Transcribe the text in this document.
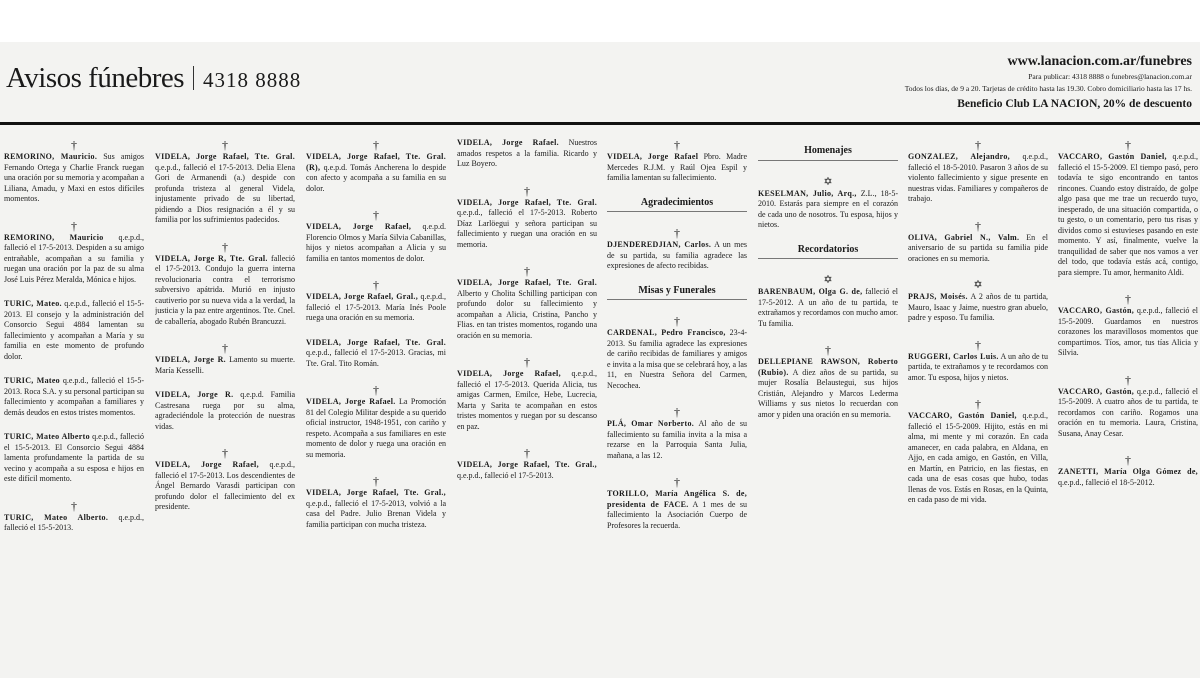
Avisos fúnebres 4318 8888
www.lanacion.com.ar/funebres
Para publicar: 4318 8888 o funebres@lanacion.com.ar
Todos los días, de 9 a 20. Tarjetas de crédito hasta las 19.30. Cobro domiciliario hasta las 17 hs.
Beneficio Club LA NACION, 20% de descuento
†
REMORINO, Mauricio. Sus amigos Fernando Ortega y Charlie Franck ruegan una oración por su memoria y acompañan a Liliana, Amadu, y Maxi en estos difíciles momentos.
†
REMORINO, Mauricio q.e.p.d., falleció el 17-5-2013. Despiden a su amigo entrañable, acompañan a su familia y ruegan una oración por la paz de su alma José Luis Pérez Meralda, Mónica e hijos.
TURIC, Mateo. q.e.p.d., falleció el 15-5-2013. El consejo y la administración del Consorcio Segui 4884 lamentan su fallecimiento y acompañan a María y su familia en este momento de profundo dolor.
TURIC, Mateo q.e.p.d., falleció el 15-5-2013. Roca S.A. y su personal participan su fallecimiento y acompañan a familiares y demás deudos en estos tristes momentos.
TURIC, Mateo Alberto q.e.p.d., falleció el 15-5-2013. El Consorcio Segui 4884 lamenta profundamente la partida de su vecino y acompaña a su esposa e hijos en este difícil momento.
†
TURIC, Mateo Alberto. q.e.p.d., falleció el 15-5-2013.
†
VIDELA, Jorge Rafael, Tte. Gral. q.e.p.d., falleció el 17-5-2013. Delia Elena Gori de Armanendi (a.) despide con profunda tristeza al general Videla, injustamente privado de su libertad, pidiendo a Dios resignación a él y su familia por los sufrimientos padecidos.
†
VIDELA, Jorge R, Tte. Gral. falleció el 17-5-2013. Condujo la guerra interna revolucionaria contra el terrorismo subversivo apátrida. Murió en injusto cautiverio por su nueva vida a la verdad, la justicia y la paz entre argentinos. Tte. Cnel. de caballería, abogado Rubén Brancuzzi.
†
VIDELA, Jorge R. Lamento su muerte. María Kesselli.
VIDELA, Jorge R. q.e.p.d. Familia Castresana ruega por su alma, agradeciéndole la protección de nuestras vidas.
†
VIDELA, Jorge Rafael, q.e.p.d., falleció el 17-5-2013. Los descendientes de Ángel Bernardo Varasdi participan con profundo dolor el fallecimiento del ex presidente.
†
VIDELA, Jorge Rafael, Tte. Gral. (R), q.e.p.d. Tomás Ancherena lo despide con afecto y acompaña a su familia en su dolor.
†
VIDELA, Jorge Rafael, q.e.p.d. Florencio Olmos y María Silvia Cabanillas, hijos y nietos acompañan a Alicia y su familia en tantos momentos de dolor.
†
VIDELA, Jorge Rafael, Gral., q.e.p.d., falleció el 17-5-2013. María Inés Poole ruega una oración en su memoria.
VIDELA, Jorge Rafael, Tte. Gral. q.e.p.d., falleció el 17-5-2013. Gracias, mi Tte. Gral. Tito Román.
†
VIDELA, Jorge Rafael. La Promoción 81 del Colegio Militar despide a su querido oficial instructor, 1948-1951, con cariño y respeto. Acompaña a sus familiares en este momento de dolor y ruega una oración en su memoria.
†
VIDELA, Jorge Rafael, Tte. Gral., q.e.p.d., falleció el 17-5-2013, volvió a la casa del Padre. Julio Brenan Videla y familia participan con mucha tristeza.
VIDELA, Jorge Rafael. Nuestros amados respetos a la familia. Ricardo y Luz Boyero.
†
VIDELA, Jorge Rafael, Tte. Gral. q.e.p.d., falleció el 17-5-2013. Roberto Díaz Larlöegui y señora participan su fallecimiento y ruegan una oración en su memoria.
†
VIDELA, Jorge Rafael, Tte. Gral. Alberto y Cholita Schilling participan con profundo dolor su fallecimiento y acompañan a Alicia, Cristina, Pancho y Flias. en tan tristes momentos, rogando una oración en su memoria.
†
VIDELA, Jorge Rafael, q.e.p.d., falleció el 17-5-2013. Querida Alicia, tus amigas Carmen, Emilce, Hebe, Lucrecia, Marta y Sarita te acompañan en estos tristes momentos y ruegan por su descanso en paz.
†
VIDELA, Jorge Rafael, Tte. Gral., q.e.p.d., falleció el 17-5-2013.
†
VIDELA, Jorge Rafael Pbro. Madre Mercedes R.J.M. y Raúl Ojea Espil y familia lamentan su fallecimiento.
Agradecimientos
†
DJENDEREDJIAN, Carlos. A un mes de su partida, su familia agradece las expresiones de afecto recibidas.
Misas y Funerales
†
CARDENAL, Pedro Francisco, 23-4-2013. Su familia agradece las expresiones de cariño recibidas de familiares y amigos e invita a la misa que se celebrará hoy, a las 11, en Nuestra Señora del Carmen, Necochea.
†
PLÁ, Omar Norberto. Al año de su fallecimiento su familia invita a la misa a rezarse en la Parroquia Santa Julia, mañana, a las 12.
†
TORILLO, María Angélica S. de, presidenta de FACE. A 1 mes de su fallecimiento la Asociación Cuerpo de Profesores la recuerda.
Homenajes
✡
KESELMAN, Julio, Arq., Z.L., 18-5-2010. Estarás para siempre en el corazón de cada uno de nosotros. Tu esposa, hijos y nietos.
Recordatorios
✡
BARENBAUM, Olga G. de, falleció el 17-5-2012. A un año de tu partida, te extrañamos y recordamos con mucho amor. Tu familia.
†
DELLEPIANE RAWSON, Roberto (Rubio). A diez años de su partida, su mujer Rosalía Belaustegui, sus hijos Cristián, Alejandro y Marcos Lederma Williams y sus nietos lo recuerdan con amor y piden una oración en su memoria.
†
GONZALEZ, Alejandro, q.e.p.d., falleció el 18-5-2010. Pasaron 3 años de su violento fallecimiento y sigue presente en nuestras vidas. Familiares y compañeros de trabajo.
†
OLIVA, Gabriel N., Valm. En el aniversario de su partida su familia pide oraciones en su memoria.
✡
PRAJS, Moisés. A 2 años de tu partida, Mauro, Isaac y Jaime, nuestro gran abuelo, padre y esposo. Tu familia.
†
RUGGERI, Carlos Luis. A un año de tu partida, te extrañamos y te recordamos con amor. Tu esposa, hijos y nietos.
†
VACCARO, Gastón Daniel, q.e.p.d., falleció el 15-5-2009. Hijito, estás en mi alma, mi mente y mi corazón. En cada amanecer, en cada palabra, en Aldana, en Ajjo, en cada amigo, en Gastón, en Villa, en Martín, en Patricio, en las fiestas, en cada una de esas cosas que hubo, todas llenas de vos. Estás en Rosas, en la Quinta, en cada paso de mi vida.
†
VACCARO, Gastón Daniel, q.e.p.d., falleció el 15-5-2009. El tiempo pasó, pero todavía te sigo encontrando en tantos rincones. Cuando estoy distraído, de golpe algo pasa que me trae un recuerdo tuyo, inesperado, de una situación compartida, o tu gesto, o un comentario, pero tus risas y dividos como si estuvieses pasando en este momento. Y así, finalmente, vuelve la tranquilidad de saber que nos vamos a ver del todo, que todavía estás acá, contigo, para siempre. Tu amor, hermanito Aldi.
†
VACCARO, Gastón, q.e.p.d., falleció el 15-5-2009. Guardamos en nuestros corazones los maravillosos momentos que compartimos. Tíos, amor, tus tías Alicia y Silvia.
†
VACCARO, Gastón, q.e.p.d., falleció el 15-5-2009. A cuatro años de tu partida, te recordamos con cariño. Rogamos una oración en tu memoria. Laura, Cristina, Susana, Anay Cesar.
†
ZANETTI, María Olga Gómez de, q.e.p.d., falleció el 18-5-2012.
